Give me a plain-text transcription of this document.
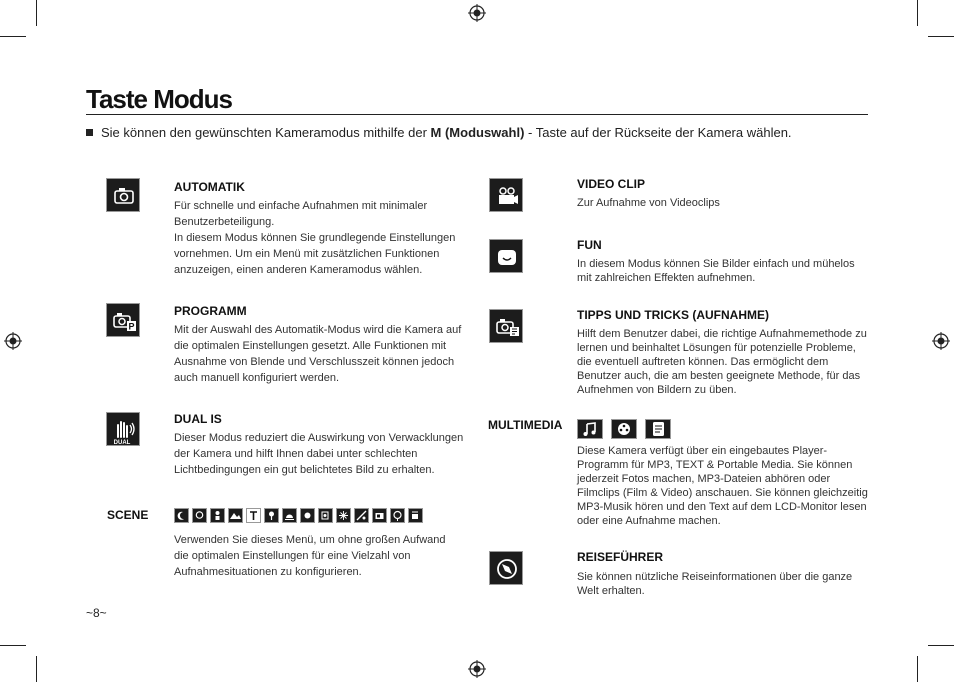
Taste Modus
Sie können den gewünschten Kameramodus mithilfe der M (Moduswahl) - Taste auf der Rückseite der Kamera wählen.
AUTOMATIK
Für schnelle und einfache Aufnahmen mit minimaler
Benutzerbeteiligung.
In diesem Modus können Sie grundlegende Einstellungen
vornehmen. Um ein Menü mit zusätzlichen Funktionen
anzuzeigen, einen anderen Kameramodus wählen.
P
PROGRAMM
Mit der Auswahl des Automatik-Modus wird die Kamera auf
die optimalen Einstellungen gesetzt. Alle Funktionen mit
Ausnahme von Blende und Verschlusszeit können jedoch
auch manuell konfiguriert werden.
DUAL
DUAL IS
Dieser Modus reduziert die Auswirkung von Verwacklungen
der Kamera und hilft Ihnen dabei unter schlechten
Lichtbedingungen ein gut belichtetes Bild zu erhalten.
SCENE
Verwenden Sie dieses Menü, um ohne großen Aufwand
die optimalen Einstellungen für eine Vielzahl von
Aufnahmesituationen zu konfigurieren.
VIDEO CLIP
Zur Aufnahme von Videoclips
FUN
In diesem Modus können Sie Bilder einfach und mühelos
mit zahlreichen Effekten aufnehmen.
TIPPS UND TRICKS (AUFNAHME)
Hilft dem Benutzer dabei, die richtige Aufnahmemethode zu
lernen und beinhaltet Lösungen für potenzielle Probleme,
die eventuell auftreten können. Das ermöglicht dem
Benutzer auch, die am besten geeignete Methode, für das
Aufnehmen von Bildern zu üben.
MULTIMEDIA
Diese Kamera verfügt über ein eingebautes Player-
Programm für MP3, TEXT & Portable Media. Sie können
jederzeit Fotos machen, MP3-Dateien abhören oder
Filmclips (Film & Video) anschauen. Sie können gleichzeitig
MP3-Musik hören und den Text auf dem LCD-Monitor lesen
oder eine Aufnahme machen.
REISEFÜHRER
Sie können nützliche Reiseinformationen über die ganze
Welt erhalten.
~8~
